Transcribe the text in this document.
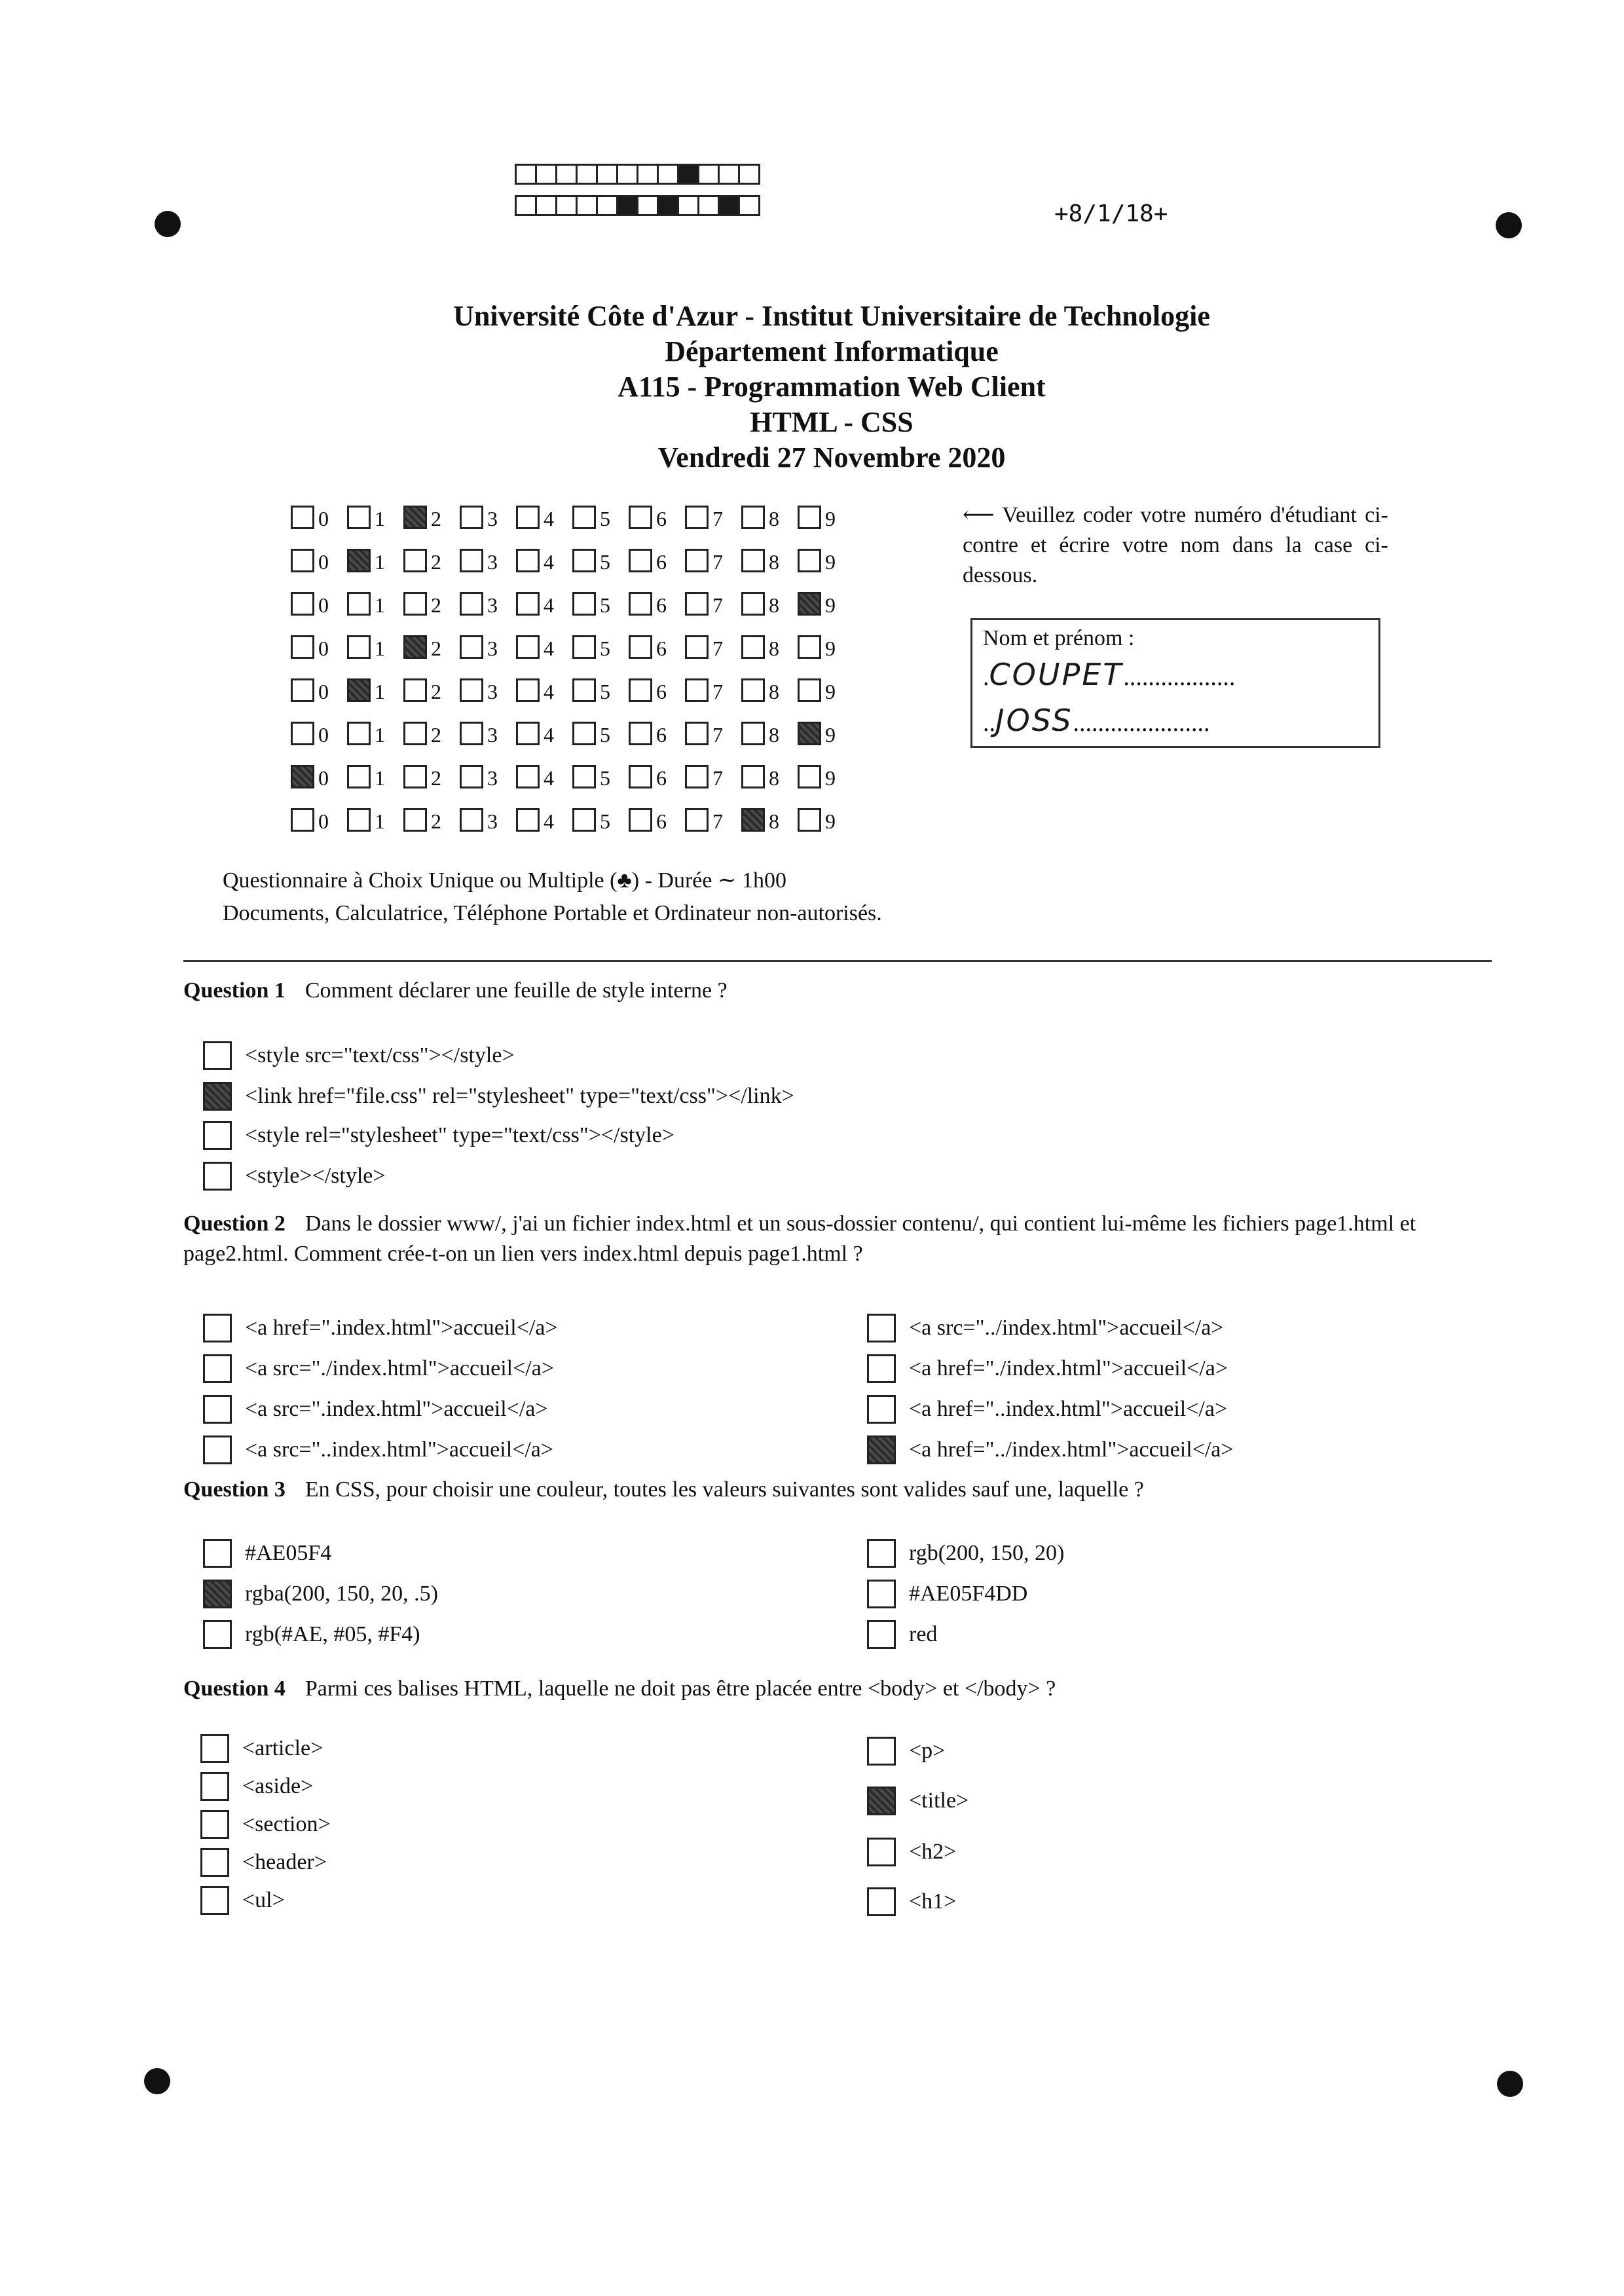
+8/1/18+
Université Côte d'Azur - Institut Universitaire de Technologie
Département Informatique
A115 - Programmation Web Client
HTML - CSS
Vendredi 27 Novembre 2020
0 1 2 3 4 5 6 7 8 9
0 1 2 3 4 5 6 7 8 9
0 1 2 3 4 5 6 7 8 9
0 1 2 3 4 5 6 7 8 9
0 1 2 3 4 5 6 7 8 9
0 1 2 3 4 5 6 7 8 9
0 1 2 3 4 5 6 7 8 9
0 1 2 3 4 5 6 7 8 9
⟵ Veuillez coder votre numéro d'étudiant ci-contre et écrire votre nom dans la case ci-dessous.
Nom et prénom :
.COUPET..................
..JOSS......................
Questionnaire à Choix Unique ou Multiple (♣) - Durée ∼ 1h00
Documents, Calculatrice, Téléphone Portable et Ordinateur non-autorisés.
Question 1 Comment déclarer une feuille de style interne ?
<style src="text/css"></style>
<link href="file.css" rel="stylesheet" type="text/css"></link>
<style rel="stylesheet" type="text/css"></style>
<style></style>
Question 2 Dans le dossier www/, j'ai un fichier index.html et un sous-dossier contenu/, qui contient lui-même les fichiers page1.html et page2.html. Comment crée-t-on un lien vers index.html depuis page1.html ?
<a href=".index.html">accueil</a>
<a src="./index.html">accueil</a>
<a src=".index.html">accueil</a>
<a src="..index.html">accueil</a>
<a src="../index.html">accueil</a>
<a href="./index.html">accueil</a>
<a href="..index.html">accueil</a>
<a href="../index.html">accueil</a>
Question 3 En CSS, pour choisir une couleur, toutes les valeurs suivantes sont valides sauf une, laquelle ?
#AE05F4
rgba(200, 150, 20, .5)
rgb(#AE, #05, #F4)
rgb(200, 150, 20)
#AE05F4DD
red
Question 4 Parmi ces balises HTML, laquelle ne doit pas être placée entre <body> et </body> ?
<article>
<aside>
<section>
<header>
<ul>
<p>
<title>
<h2>
<h1>
